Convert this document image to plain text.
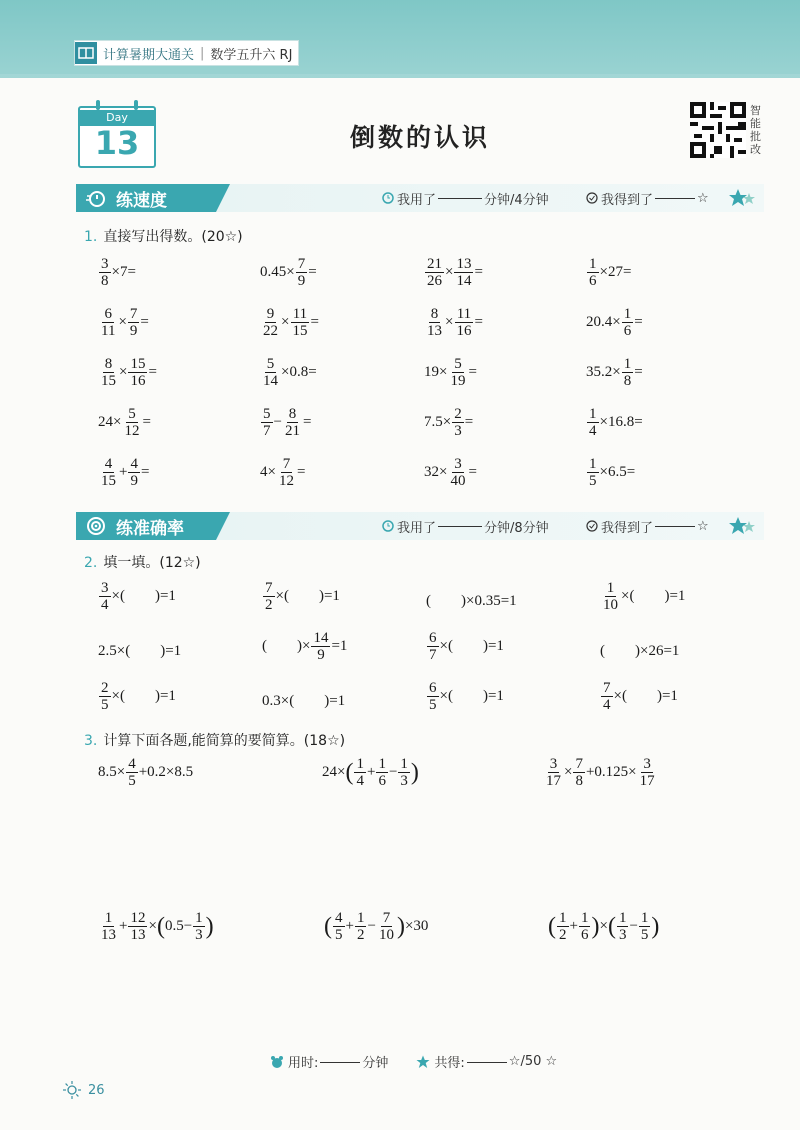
计算暑期大通关 | 数学五升六 RJ
Day
13	倒数的认识
智
能
批
改
练速度	我用了	分钟 /4分钟	我得到了	☆
1. 直接写出得数。(20☆)
$\frac{3}{8} \times 7=$	$0.45\times \frac{7}{9}$ =	$\frac{21}{26} \times \frac{13}{14}$ =	$\frac{1}{6} \times 27=$
$\frac{6}{11} \times \frac{7}{9}$ =	$\frac{9}{22} \times \frac{11}{15}$ =	$\frac{8}{13} \times \frac{11}{16}$ =	$20.4\times \frac{1}{6}$ =
$\frac{8}{15} \times \frac{15}{16}$ =	$\frac{5}{14} \times 0.8=$	$19\times \frac{5}{19}$ =	$35.2\times \frac{1}{8}$ =
$24\times \frac{5}{12}$ =	$\frac{5}{7} - \frac{8}{21}$ =	$7.5\times \frac{2}{3}$ =	$\frac{1}{4} \times 16.8=$
$\frac{4}{15} + \frac{4}{9}$ =	$4\times \frac{7}{12}$ =	$32\times \frac{3}{40}$ =	$\frac{1}{5} \times 6.5=$
练准确率	我用了	分钟 /8分钟	我得到了	☆
2. 填一填。(12☆)
$\frac{3}{4}$ ×(　　)=1	$\frac{7}{2}$ ×(　　)=1	(　　)×0.35=1	$\frac{1}{10}$ ×(　　)=1
2.5×(　　)=1	(　　)× $\frac{14}{9} =1$	$\frac{6}{7}$ ×(　　)=1	(　　)×26=1
$\frac{2}{5}$ ×(　　)=1	0.3×(　　)=1	$\frac{6}{5}$ ×(　　)=1	$\frac{7}{4}$ ×(　　)=1
3. 计算下面各题,能简算的要简算。(18☆)
$8.5\times \frac{4}{5} +0.2\times 8.5$	$24\times( \frac{1}{4} + \frac{1}{6} - \frac{1}{3}$ )	$\frac{3}{17} \times \frac{7}{8} +0.125\times \frac{3}{17}$
$\frac{1}{13} + \frac{12}{13} \times(0.5- \frac{1}{3}$ )	( $\frac{4}{5} + \frac{1}{2} - \frac{7}{10} )\times 30$	( $\frac{1}{2} + \frac{1}{6}$ )×( $\frac{1}{3} - \frac{1}{5}$ )
用时:	分钟	共得:	☆/50 ☆
26
